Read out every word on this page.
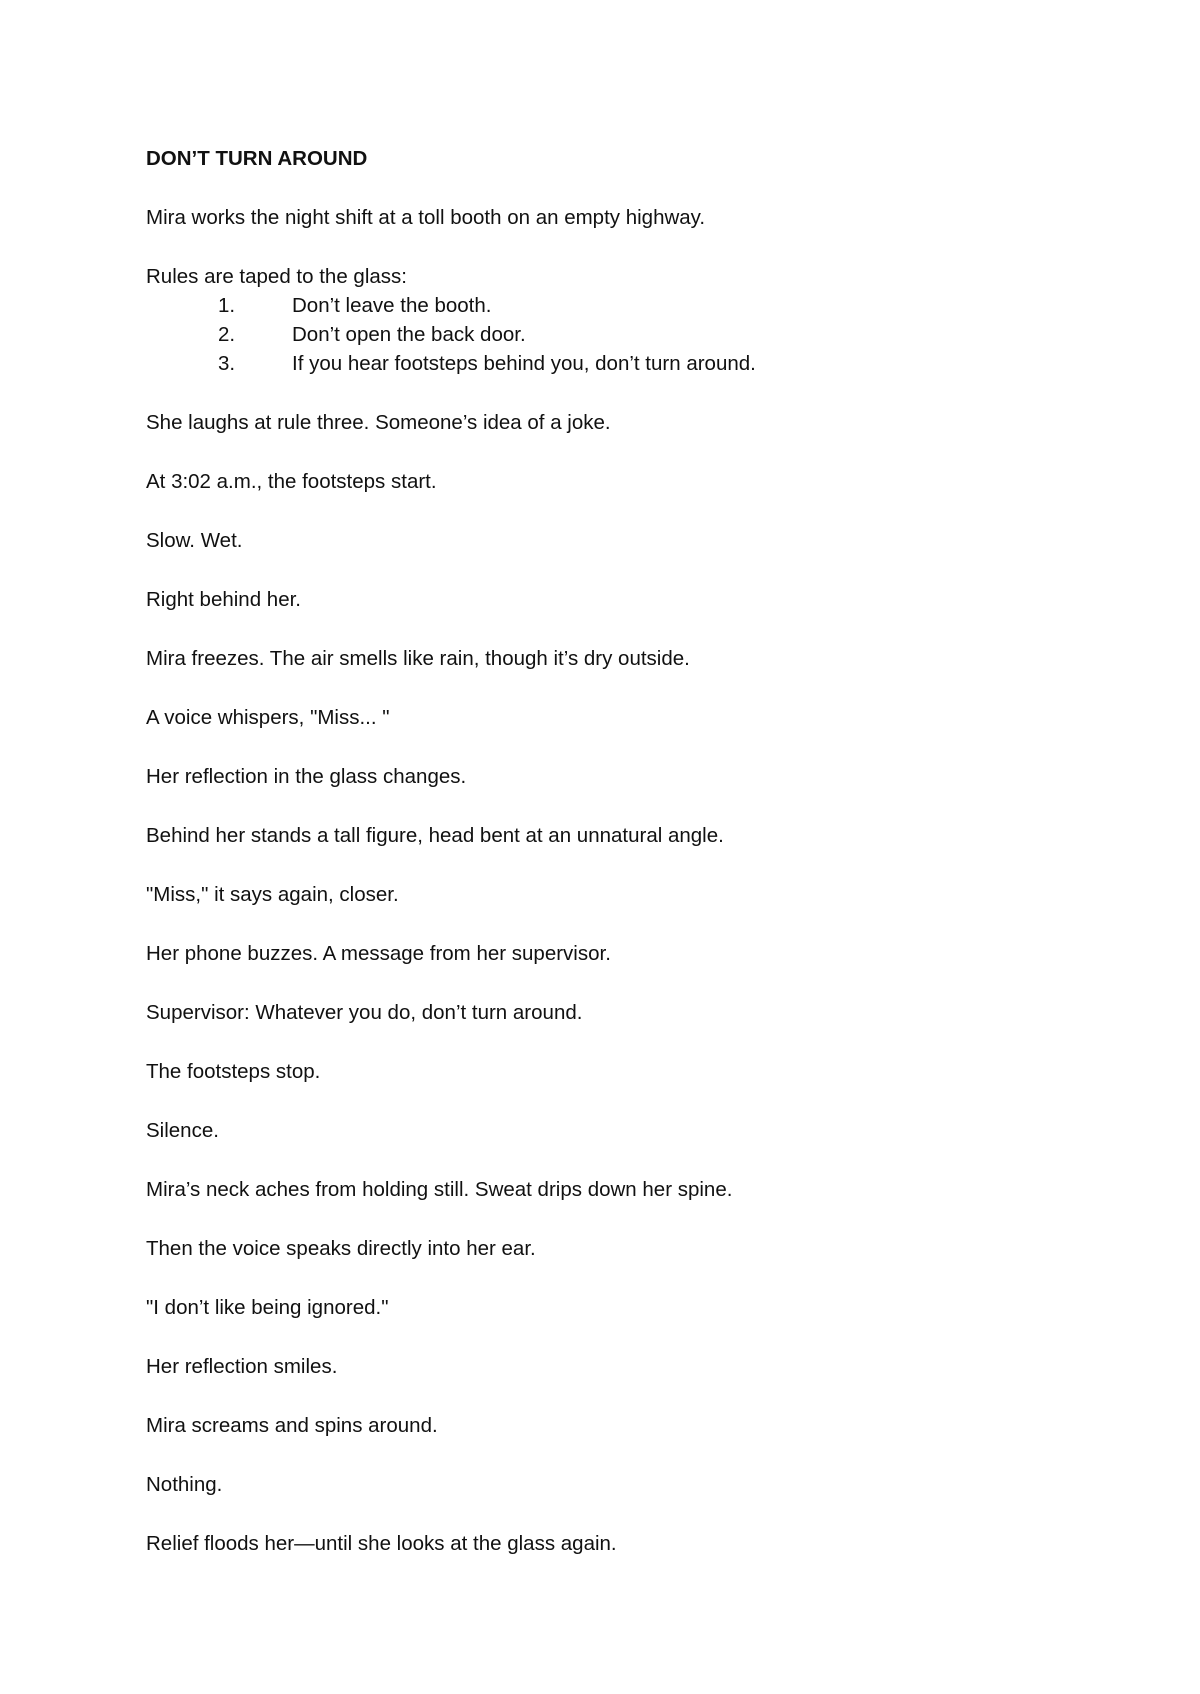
DON’T TURN AROUND

Mira works the night shift at a toll booth on an empty highway.

Rules are taped to the glass:

1.	Don’t leave the booth.
2.	Don’t open the back door.
3.	If you hear footsteps behind you, don’t turn around.

She laughs at rule three. Someone’s idea of a joke.

At 3:02 a.m., the footsteps start.

Slow. Wet.

Right behind her.

Mira freezes. The air smells like rain, though it’s dry outside.

A voice whispers, "Miss... "

Her reflection in the glass changes.

Behind her stands a tall figure, head bent at an unnatural angle.

"Miss," it says again, closer.

Her phone buzzes. A message from her supervisor.

Supervisor: Whatever you do, don’t turn around.

The footsteps stop.

Silence.

Mira’s neck aches from holding still. Sweat drips down her spine.

Then the voice speaks directly into her ear.

"I don’t like being ignored."

Her reflection smiles.

Mira screams and spins around.

Nothing.

Relief floods her—until she looks at the glass again.
